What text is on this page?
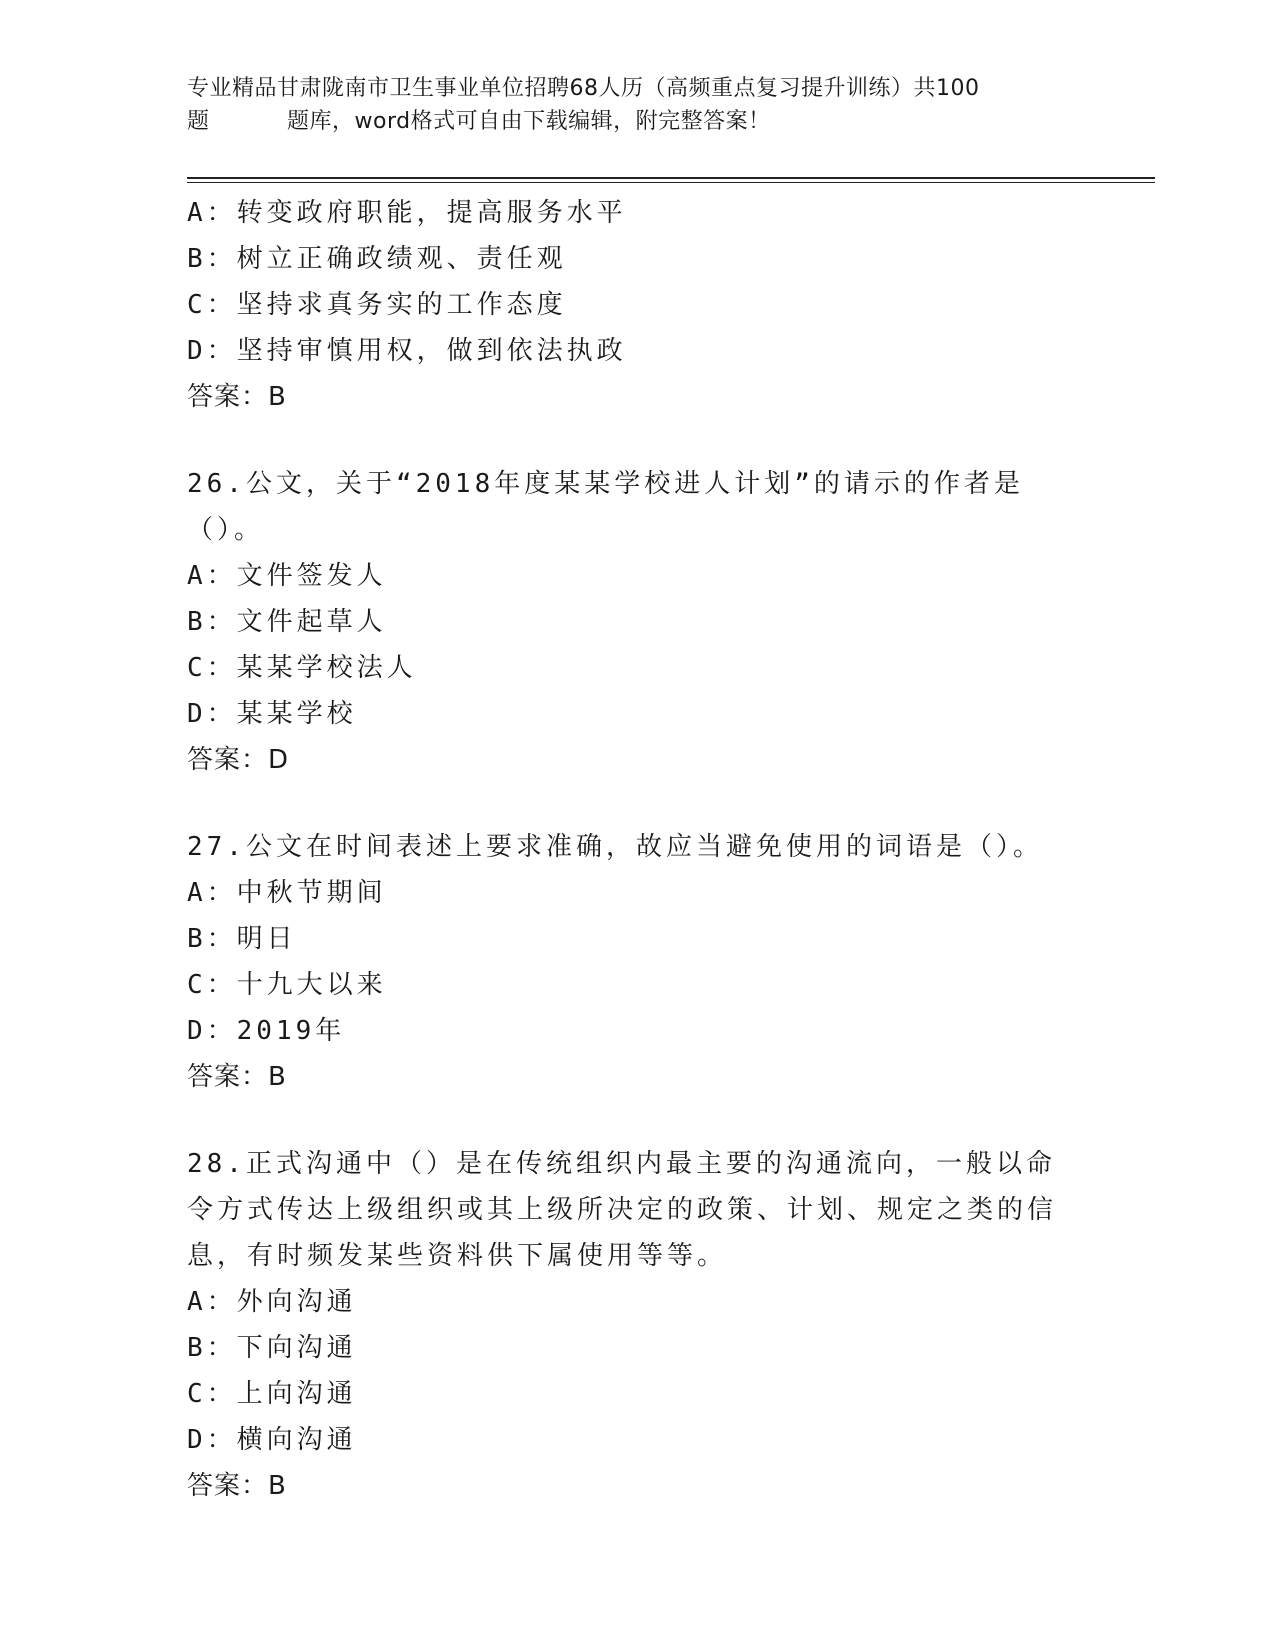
专业精品甘肃陇南市卫生事业单位招聘68人历（高频重点复习提升训练）共100
题	题库，word格式可自由下载编辑，附完整答案！
A：转变政府职能，提高服务水平
B：树立正确政绩观、责任观
C：坚持求真务实的工作态度
D：坚持审慎用权，做到依法执政
答案：B
26.公文，关于“2018年度某某学校进人计划”的请示的作者是（）。
A：文件签发人
B：文件起草人
C：某某学校法人
D：某某学校
答案：D
27.公文在时间表述上要求准确，故应当避免使用的词语是（）。
A：中秋节期间
B：明日
C：十九大以来
D：2019年
答案：B
28.正式沟通中（）是在传统组织内最主要的沟通流向，一般以命令方式传达上级组织或其上级所决定的政策、计划、规定之类的信息，有时频发某些资料供下属使用等等。
A：外向沟通
B：下向沟通
C：上向沟通
D：横向沟通
答案：B
